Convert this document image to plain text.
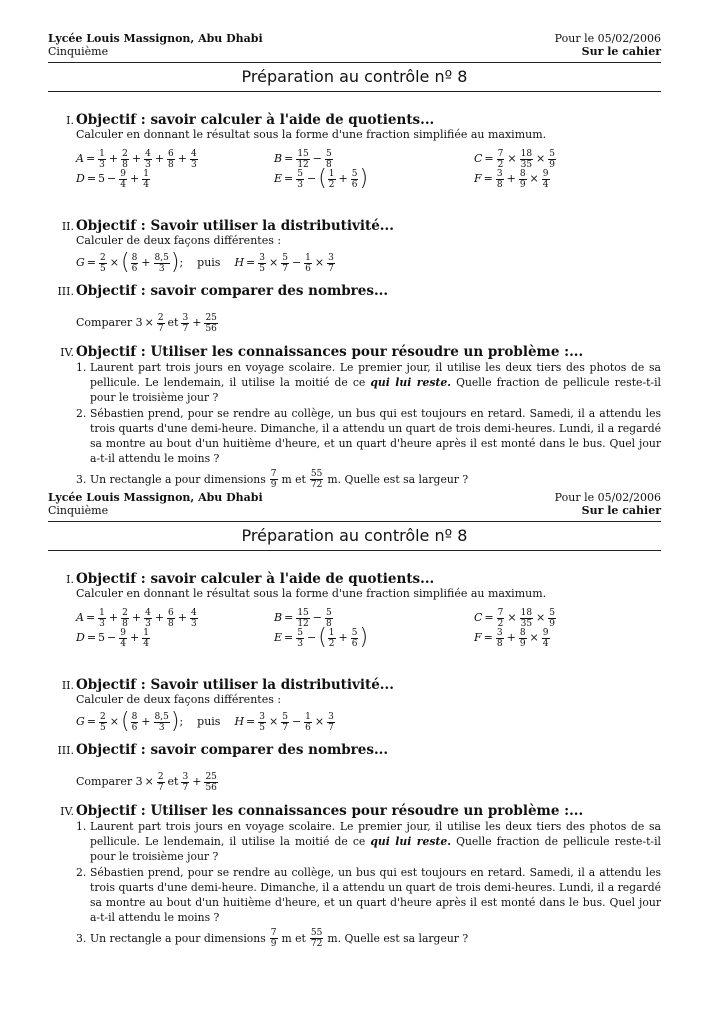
Lycée Louis Massignon, Abu Dhabi	Pour le 05/02/2006
Cinquième	Sur le cahier
Préparation au contrôle nº 8
I. Objectif : savoir calculer à l'aide de quotients...
Calculer en donnant le résultat sous la forme d'une fraction simplifiée au maximum.
$A = \frac{1}{3} + \frac{2}{8} + \frac{4}{3} + \frac{6}{8} + \frac{4}{3}$	$B = \frac{15}{12} - \frac{5}{8}$	$C = \frac{7}{2} \times \frac{18}{35} \times \frac{5}{9}$
$D = 5 - \frac{9}{4} + \frac{1}{4}$	$E = \frac{5}{3}$ − ( $\frac{1}{2} + \frac{5}{6}$ )	$F = \frac{3}{8} + \frac{8}{9} \times \frac{9}{4}$
II. Objectif : Savoir utiliser la distributivité...
Calculer de deux façons différentes :
$G = \frac{2}{5}$ × ( $\frac{8}{6} + \frac{8,5}{3}$ ) ; puis $H = \frac{3}{5} \times \frac{5}{7} - \frac{1}{6} \times \frac{3}{7}$
III. Objectif : savoir comparer des nombres...
Comparer $3 \times \frac{2}{7}$ et $\frac{3}{7} + \frac{25}{56}$
IV. Objectif : Utiliser les connaissances pour résoudre un problème :...
1. Laurent part trois jours en voyage scolaire. Le premier jour, il utilise les deux tiers des photos de sa pellicule. Le lendemain, il utilise la moitié de ce qui lui reste. Quelle fraction de pellicule reste-t-il pour le troisième jour ?
2. Sébastien prend, pour se rendre au collège, un bus qui est toujours en retard. Samedi, il a attendu les trois quarts d'une demi-heure. Dimanche, il a attendu un quart de trois demi-heures. Lundi, il a regardé sa montre au bout d'un huitième d'heure, et un quart d'heure après il est monté dans le bus. Quel jour a-t-il attendu le moins ?
3. Un rectangle a pour dimensions $\frac{7}{9}$ m et $\frac{55}{72} m$. Quelle est sa largeur ?
Lycée Louis Massignon, Abu Dhabi	Pour le 05/02/2006
Cinquième	Sur le cahier
Préparation au contrôle nº 8
I. Objectif : savoir calculer à l'aide de quotients...
Calculer en donnant le résultat sous la forme d'une fraction simplifiée au maximum.
$A = \frac{1}{3} + \frac{2}{8} + \frac{4}{3} + \frac{6}{8} + \frac{4}{3}$	$B = \frac{15}{12} - \frac{5}{8}$	$C = \frac{7}{2} \times \frac{18}{35} \times \frac{5}{9}$
$D = 5 - \frac{9}{4} + \frac{1}{4}$	$E = \frac{5}{3}$ − ( $\frac{1}{2} + \frac{5}{6}$ )	$F = \frac{3}{8} + \frac{8}{9} \times \frac{9}{4}$
II. Objectif : Savoir utiliser la distributivité...
Calculer de deux façons différentes :
$G = \frac{2}{5}$ × ( $\frac{8}{6} + \frac{8,5}{3}$ ) ; puis $H = \frac{3}{5} \times \frac{5}{7} - \frac{1}{6} \times \frac{3}{7}$
III. Objectif : savoir comparer des nombres...
Comparer $3 \times \frac{2}{7}$ et $\frac{3}{7} + \frac{25}{56}$
IV. Objectif : Utiliser les connaissances pour résoudre un problème :...
1. Laurent part trois jours en voyage scolaire. Le premier jour, il utilise les deux tiers des photos de sa pellicule. Le lendemain, il utilise la moitié de ce qui lui reste. Quelle fraction de pellicule reste-t-il pour le troisième jour ?
2. Sébastien prend, pour se rendre au collège, un bus qui est toujours en retard. Samedi, il a attendu les trois quarts d'une demi-heure. Dimanche, il a attendu un quart de trois demi-heures. Lundi, il a regardé sa montre au bout d'un huitième d'heure, et un quart d'heure après il est monté dans le bus. Quel jour a-t-il attendu le moins ?
3. Un rectangle a pour dimensions $\frac{7}{9}$ m et $\frac{55}{72} m$. Quelle est sa largeur ?
